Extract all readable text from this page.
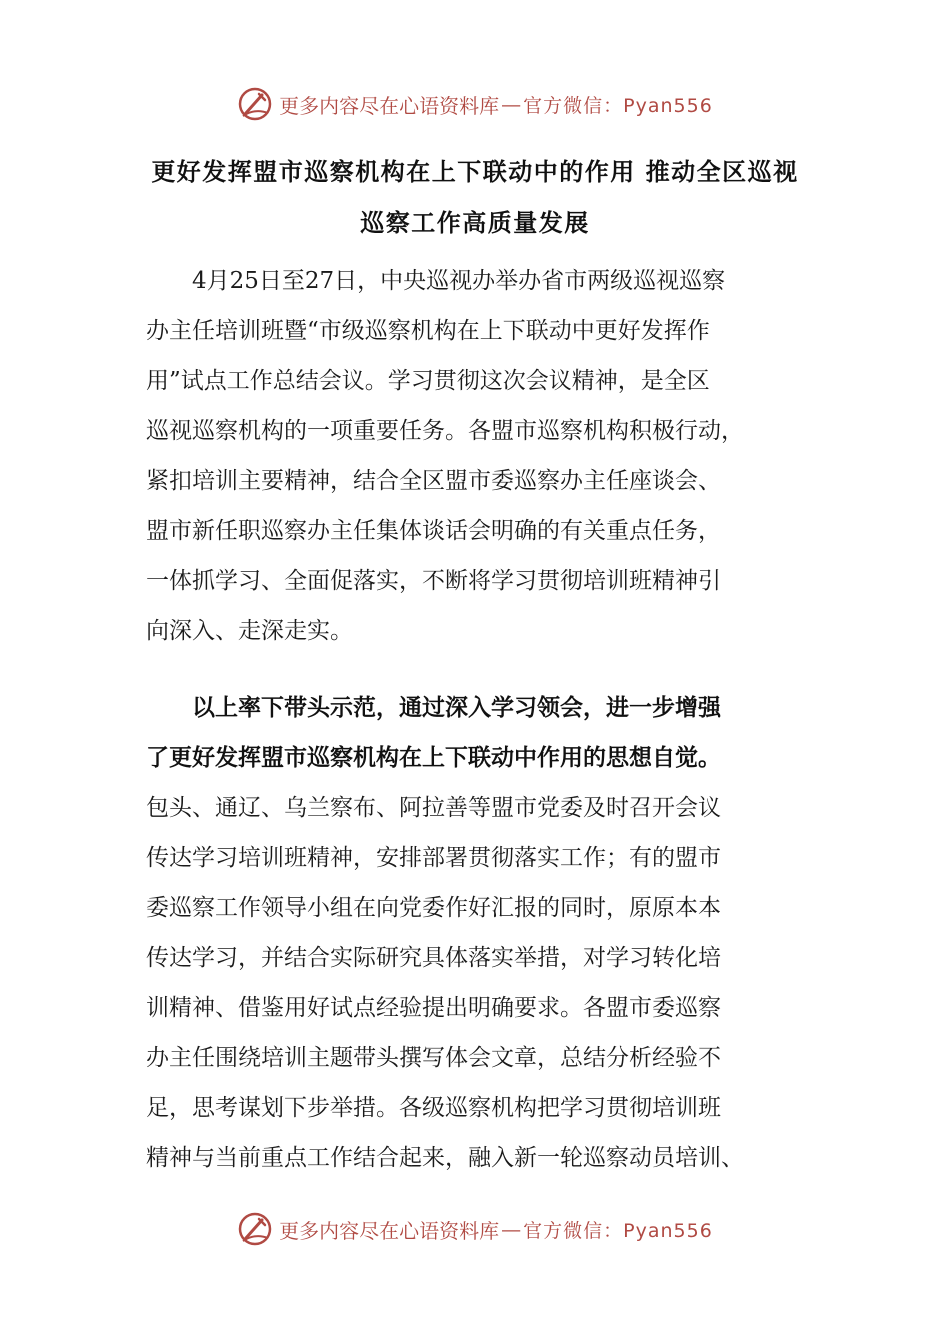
更多内容尽在心语资料库 — 官方微信：Pyan556
更好发挥盟市巡察机构在上下联动中的作用 推动全区巡视
巡察工作高质量发展
　　4月25日至27日，中央巡视办举办省市两级巡视巡察
办主任培训班暨“市级巡察机构在上下联动中更好发挥作
用”试点工作总结会议。学习贯彻这次会议精神，是全区
巡视巡察机构的一项重要任务。各盟市巡察机构积极行动，
紧扣培训主要精神，结合全区盟市委巡察办主任座谈会、
盟市新任职巡察办主任集体谈话会明确的有关重点任务，
一体抓学习、全面促落实，不断将学习贯彻培训班精神引
向深入、走深走实。
　　以上率下带头示范，通过深入学习领会，进一步增强
了更好发挥盟市巡察机构在上下联动中作用的思想自觉。
包头、通辽、乌兰察布、阿拉善等盟市党委及时召开会议
传达学习培训班精神，安排部署贯彻落实工作；有的盟市
委巡察工作领导小组在向党委作好汇报的同时，原原本本
传达学习，并结合实际研究具体落实举措，对学习转化培
训精神、借鉴用好试点经验提出明确要求。各盟市委巡察
办主任围绕培训主题带头撰写体会文章，总结分析经验不
足，思考谋划下步举措。各级巡察机构把学习贯彻培训班
精神与当前重点工作结合起来，融入新一轮巡察动员培训、
更多内容尽在心语资料库 — 官方微信：Pyan556
